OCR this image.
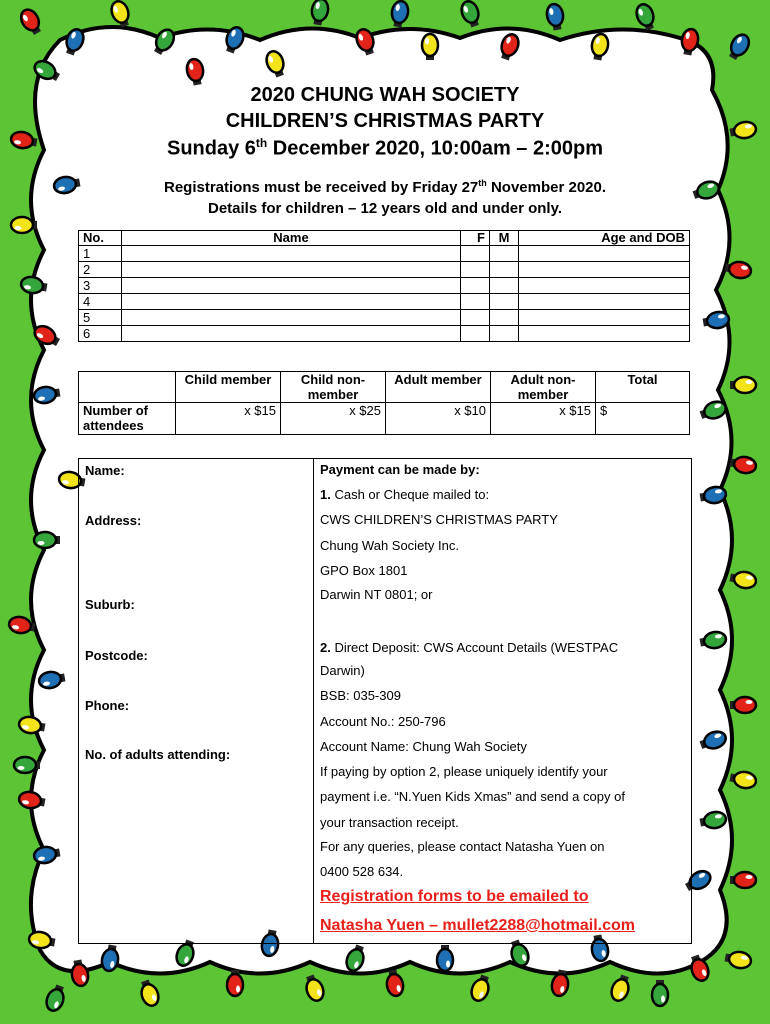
2020 CHUNG WAH SOCIETY
CHILDREN’S CHRISTMAS PARTY
Sunday 6th December 2020, 10:00am – 2:00pm
Registrations must be received by Friday 27th November 2020.
Details for children – 12 years old and under only.
No.	Name	F	M	Age and DOB
1				
2				
3				
4				
5				
6				
	Child member	Child non-member	Adult member	Adult non-member	Total
Number of attendees	x $15	x $25	x $10	x $15	$
Name:
Address:
Suburb:
Postcode:
Phone:
No. of adults attending:
Payment can be made by:
1. Cash or Cheque mailed to:
CWS CHILDREN’S CHRISTMAS PARTY
Chung Wah Society Inc.
GPO Box 1801
Darwin NT 0801; or
2. Direct Deposit: CWS Account Details (WESTPAC
Darwin)
BSB: 035-309
Account No.: 250-796
Account Name: Chung Wah Society
If paying by option 2, please uniquely identify your
payment i.e. “N.Yuen Kids Xmas” and send a copy of
your transaction receipt.
For any queries, please contact Natasha Yuen on
0400 528 634.
Registration forms to be emailed to
Natasha Yuen – mullet2288@hotmail.com
